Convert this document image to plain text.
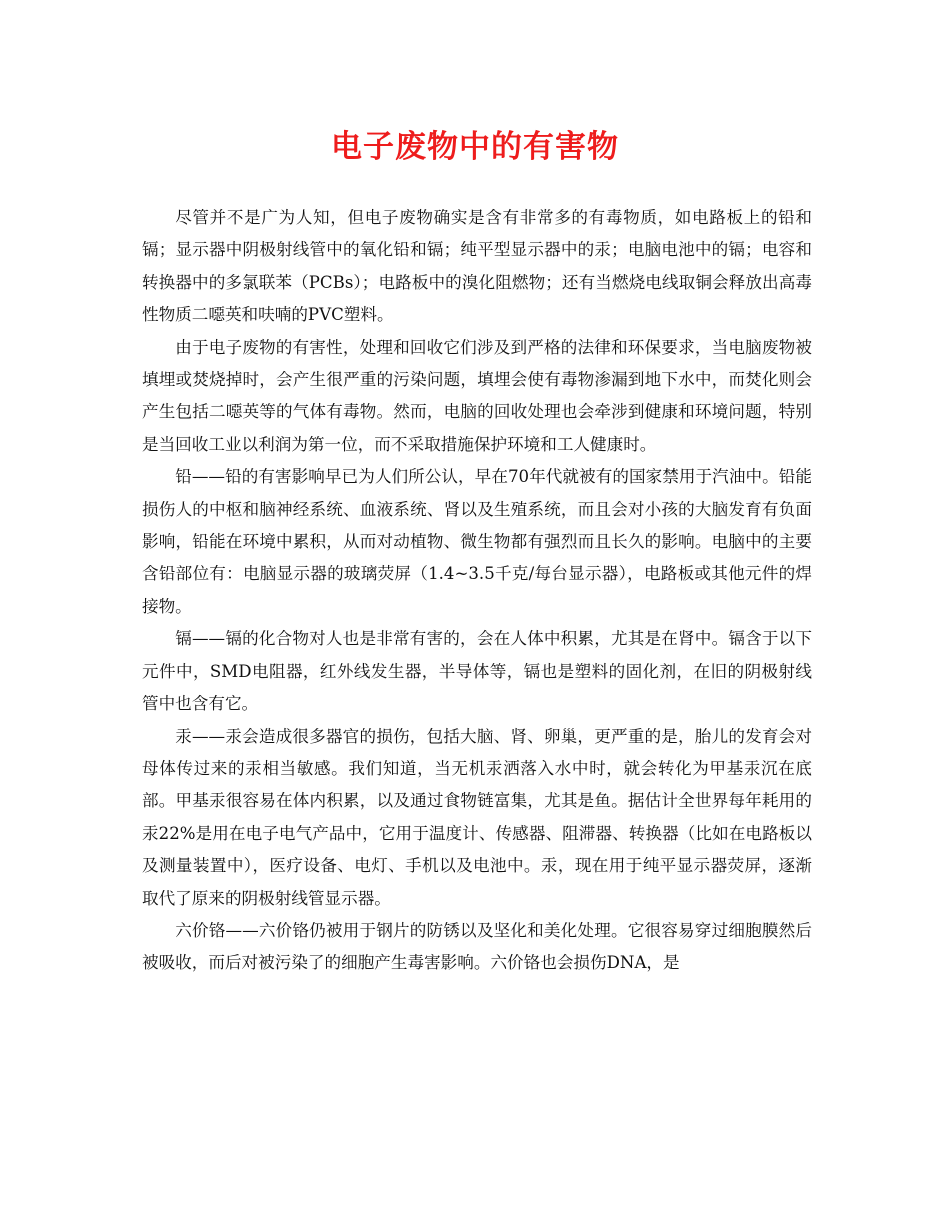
电子废物中的有害物

尽管并不是广为人知，但电子废物确实是含有非常多的有毒物质，如电路板上的铅和镉；显示器中阴极射线管中的氧化铅和镉；纯平型显示器中的汞；电脑电池中的镉；电容和转换器中的多氯联苯（PCBs）；电路板中的溴化阻燃物；还有当燃烧电线取铜会释放出高毒性物质二噁英和呋喃的PVC塑料。

由于电子废物的有害性，处理和回收它们涉及到严格的法律和环保要求，当电脑废物被填埋或焚烧掉时，会产生很严重的污染问题，填埋会使有毒物渗漏到地下水中，而焚化则会产生包括二噁英等的气体有毒物。然而，电脑的回收处理也会牵涉到健康和环境问题，特别是当回收工业以利润为第一位，而不采取措施保护环境和工人健康时。

铅——铅的有害影响早已为人们所公认，早在70年代就被有的国家禁用于汽油中。铅能损伤人的中枢和脑神经系统、血液系统、肾以及生殖系统，而且会对小孩的大脑发育有负面影响，铅能在环境中累积，从而对动植物、微生物都有强烈而且长久的影响。电脑中的主要含铅部位有：电脑显示器的玻璃荧屏（1.4~3.5千克/每台显示器），电路板或其他元件的焊接物。

镉——镉的化合物对人也是非常有害的，会在人体中积累，尤其是在肾中。镉含于以下元件中，SMD电阻器，红外线发生器，半导体等，镉也是塑料的固化剂，在旧的阴极射线管中也含有它。

汞——汞会造成很多器官的损伤，包括大脑、肾、卵巢，更严重的是，胎儿的发育会对母体传过来的汞相当敏感。我们知道，当无机汞洒落入水中时，就会转化为甲基汞沉在底部。甲基汞很容易在体内积累，以及通过食物链富集，尤其是鱼。据估计全世界每年耗用的汞22%是用在电子电气产品中，它用于温度计、传感器、阻滞器、转换器（比如在电路板以及测量装置中），医疗设备、电灯、手机以及电池中。汞，现在用于纯平显示器荧屏，逐渐取代了原来的阴极射线管显示器。

六价铬——六价铬仍被用于钢片的防锈以及坚化和美化处理。它很容易穿过细胞膜然后被吸收，而后对被污染了的细胞产生毒害影响。六价铬也会损伤DNA，是
